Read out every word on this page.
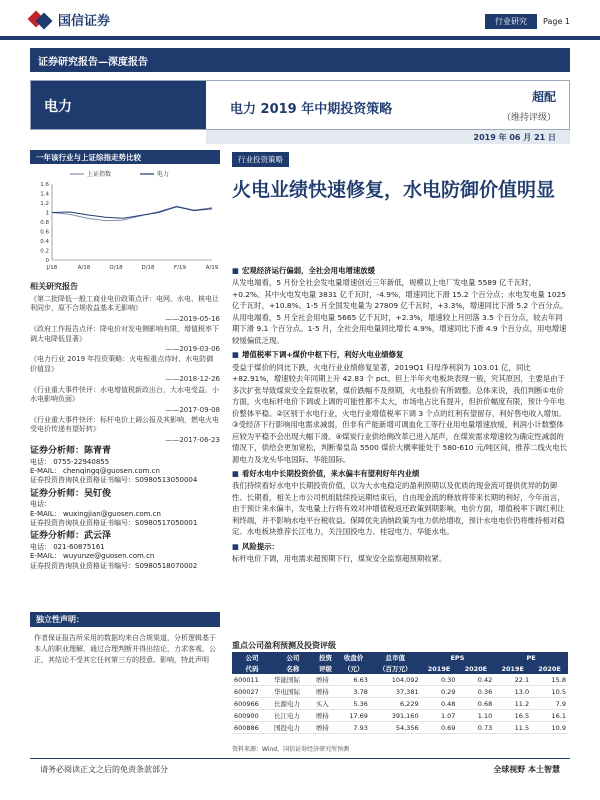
国信证券	行业研究	Page 1
证券研究报告—深度报告
电力	电力 2019 年中期投资策略
超配
（维持评级）
2019 年 06 月 21 日
一年该行业与上证综指走势比较
上证指数	电力
1.6
1.4
1.2
1
0.8
0.6
0.4
0.2
0
J/18	A/18	O/18	D/18	F/19	A/19
行业投资策略
火电业绩快速修复，水电防御价值明显
相关研究报告

《第二批降低一般工商业电价政策点评：电网、水电、核电让利同步，原不合规收益基本无影响》

——2019-05-16

《政府工作报告点评：降电价对发电侧影响有限，增值税率下调大电降低显著》

——2019-03-06

《电力行业 2019 年投资策略：火电板重点待时，水电防御价值显》

——2018-12-26

《行业重大事件快评：水电增值税新政出台，大水电受益，小水电影响负面》

——2017-09-08

《行业重大事件快评：标杆电价上调公报及其影响，燃电火电受电价传递有望好转》

——2017-06-23

证券分析师：陈青青
电话： 0755-22940855
E-MAIL： chenqingq@guosen.com.cn
证券投资咨询执业资格证书编号：S0980513050004
证券分析师：吴钉俊
电话：
E-MAIL： wuxingjian@guosen.com.cn
证券投资咨询执业资格证书编号：S0980517050001
证券分析师：武云泽
电话： 021-60875161
E-MAIL： wuyunze@guosen.com.cn
证券投资咨询执业资格证书编号：S0980518070002
独立性声明：
作者保证报告所采用的数据均来自合规渠道，分析逻辑基于本人的职业理解，通过合理判断并得出结论，力求客观、公正，其结论不受其它任何第三方的授意、影响，特此声明
■ 宏观经济运行偏弱，全社会用电增速放缓

从发电端看，5 月份全社会发电量增速创近三年新低，规模以上电厂发电量 5589 亿千瓦时，+0.2%。其中火电发电量 3831 亿千瓦时，-4.9%，增速同比下滑 15.2 个百分点；水电发电量 1025 亿千瓦时，+10.8%。1-5 月全国发电量为 27809 亿千瓦时，+3.3%，增速同比下滑 5.2 个百分点。从用电端看，5 月全社会用电量 5665 亿千瓦时，+2.3%，增速较上月回落 3.5 个百分点，较去年同期下滑 9.1 个百分点。1-5 月，全社会用电量同比增长 4.9%，增速同比下滑 4.9 个百分点，用电增速较缓偏低乏现。

■ 增值税率下调+煤价中枢下行，利好火电业绩修复

受益于煤价的同比下跌，火电行业业绩修复显著，2019Q1 归母净利润为 103.01 亿，同比+82.91%，增速较去年同期上升 42.83 个 pct。但上半年火电板块表现一般，究其原因，主要是由于多次扩张导致煤炭安全监察收紧，煤价跌幅不及预期，火电股价有所调整。总体来说，我们判断①电价方面，火电标杆电价下调或上调的可能性都不太大，市场电占比有提升，但折价幅度有限，预计今年电价整体平稳。②区别于水电行业，火电行业增值税率下调 3 个点的红利有望留存，利好售电收入增加。③受经济下行影响用电需求减弱，但非有产能新增可调血化工等行业用电量增速放缓，利润小计数整体应较为平稳不会出现大幅下滑。④煤炭行业供给侧改革已进入尾声，在煤炭需求增速较为确定性减弱的情况下，供给会更加宽松，判断秦皇岛 5500 煤价大概率能处于 580-610 元/吨区间，推荐二线火电长源电力及龙头华电国际、华能国际。

■ 看好水电中长期投资价值，来水偏丰有望利好年内业绩

我们持续看好水电中长期投资价值，以为大水电稳定的盈利预期以及优质的现金流可提供优异的防御性、长期看，相关上市公司机组陆续投运期结束后，自由现金流的释放将带来长期的利好，今年而言，由于预计来水偏丰，发电量上行将有效对冲增值税返还政策到期影响，电价方面，增值税率下调红利让利终端，并不影响水电平台税收益。保障优先消纳政策为电力供给增收，预计水电电价仍将维持相对稳定。水电板块推荐长江电力，关注国投电力、桂冠电力、华能水电。

■ 风险提示：

标杆电价下调，用电需求超预期下行，煤炭安全监察超预期收紧。

重点公司盈利预测及投资评级
公司	公司	投资	收盘价	总市值	EPS		PE	
代码	名称	评级	（元）	（百万元）	2019E	2020E	2019E	2020E
600011	华能国际	增持	6.63	104,092	0.30	0.42	22.1	15.8
600027	华电国际	增持	3.78	37,381	0.29	0.36	13.0	10.5
600966	长源电力	买入	5.36	6,229	0.48	0.68	11.2	7.9
600900	长江电力	增持	17.69	391,160	1.07	1.10	16.5	16.1
600886	国投电力	增持	7.93	54,356	0.69	0.73	11.5	10.9
资料来源：Wind、国信证券经济研究所预测
请务必阅读正文之后的免责条款部分	全球视野 本土智慧
